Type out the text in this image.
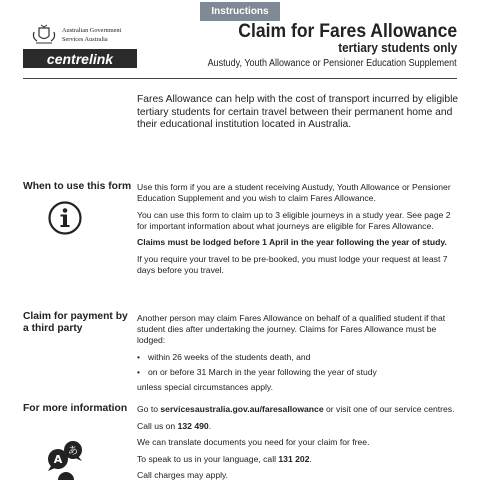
Instructions
Australian Government
Services Australia
centrelink
Claim for Fares Allowance
tertiary students only
Austudy, Youth Allowance or Pensioner Education Supplement
Fares Allowance can help with the cost of transport incurred by eligible tertiary students for certain travel between their permanent home and their educational institution located in Australia.
When to use this form Use this form if you are a student receiving Austudy, Youth Allowance or Pensioner Education Supplement and you wish to claim Fares Allowance.

You can use this form to claim up to 3 eligible journeys in a study year. See page 2 for important information about what journeys are eligible for Fares Allowance.

Claims must be lodged before 1 April in the year following the year of study.

If you require your travel to be pre-booked, you must lodge your request at least 7 days before you travel.

Claim for payment by a third party

Another person may claim Fares Allowance on behalf of a qualified student if that student dies after undertaking the journey. Claims for Fares Allowance must be lodged:

• within 26 weeks of the students death, and
• on or before 31 March in the year following the year of study

unless special circumstances apply.

For more information
A
あ

Go to servicesaustralia.gov.au/faresallowance or visit one of our service centres.

Call us on 132 490.

We can translate documents you need for your claim for free.

To speak to us in your language, call 131 202.

Call charges may apply.
